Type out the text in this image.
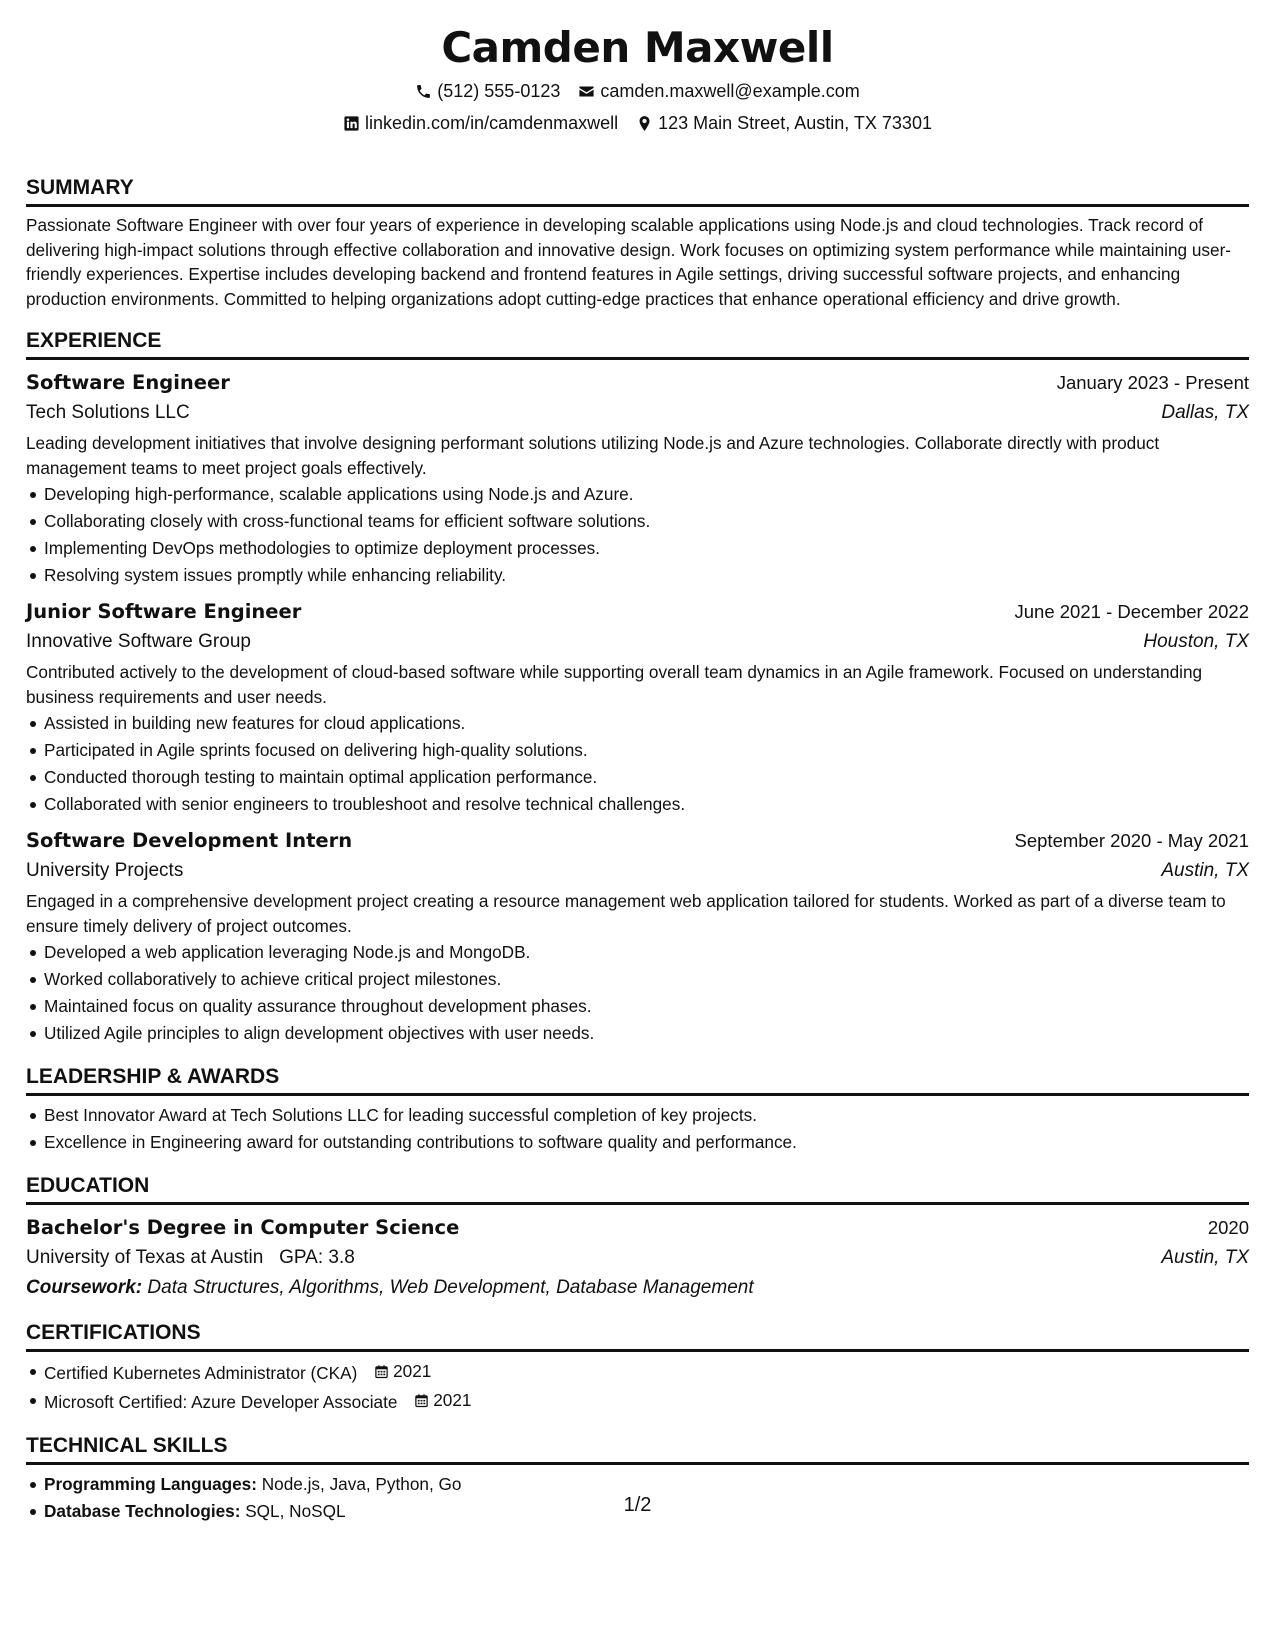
Camden Maxwell
(512) 555-0123 camden.maxwell@example.com
linkedin.com/in/camdenmaxwell 123 Main Street, Austin, TX 73301
SUMMARY
Passionate Software Engineer with over four years of experience in developing scalable applications using Node.js and cloud technologies. Track record of delivering high-impact solutions through effective collaboration and innovative design. Work focuses on optimizing system performance while maintaining user-friendly experiences. Expertise includes developing backend and frontend features in Agile settings, driving successful software projects, and enhancing production environments. Committed to helping organizations adopt cutting-edge practices that enhance operational efficiency and drive growth.
EXPERIENCE
Software Engineer	January 2023 - Present
Tech Solutions LLC	Dallas, TX
Leading development initiatives that involve designing performant solutions utilizing Node.js and Azure technologies. Collaborate directly with product management teams to meet project goals effectively.
Developing high-performance, scalable applications using Node.js and Azure.
Collaborating closely with cross-functional teams for efficient software solutions.
Implementing DevOps methodologies to optimize deployment processes.
Resolving system issues promptly while enhancing reliability.
Junior Software Engineer	June 2021 - December 2022
Innovative Software Group	Houston, TX
Contributed actively to the development of cloud-based software while supporting overall team dynamics in an Agile framework. Focused on understanding business requirements and user needs.
Assisted in building new features for cloud applications.
Participated in Agile sprints focused on delivering high-quality solutions.
Conducted thorough testing to maintain optimal application performance.
Collaborated with senior engineers to troubleshoot and resolve technical challenges.
Software Development Intern	September 2020 - May 2021
University Projects	Austin, TX
Engaged in a comprehensive development project creating a resource management web application tailored for students. Worked as part of a diverse team to ensure timely delivery of project outcomes.
Developed a web application leveraging Node.js and MongoDB.
Worked collaboratively to achieve critical project milestones.
Maintained focus on quality assurance throughout development phases.
Utilized Agile principles to align development objectives with user needs.
LEADERSHIP & AWARDS
Best Innovator Award at Tech Solutions LLC for leading successful completion of key projects.
Excellence in Engineering award for outstanding contributions to software quality and performance.
EDUCATION
Bachelor's Degree in Computer Science	2020
University of Texas at Austin GPA: 3.8	Austin, TX
Coursework: Data Structures, Algorithms, Web Development, Database Management
CERTIFICATIONS
Certified Kubernetes Administrator (CKA) 2021
Microsoft Certified: Azure Developer Associate 2021
TECHNICAL SKILLS
Programming Languages: Node.js, Java, Python, Go
Database Technologies: SQL, NoSQL	1/2
